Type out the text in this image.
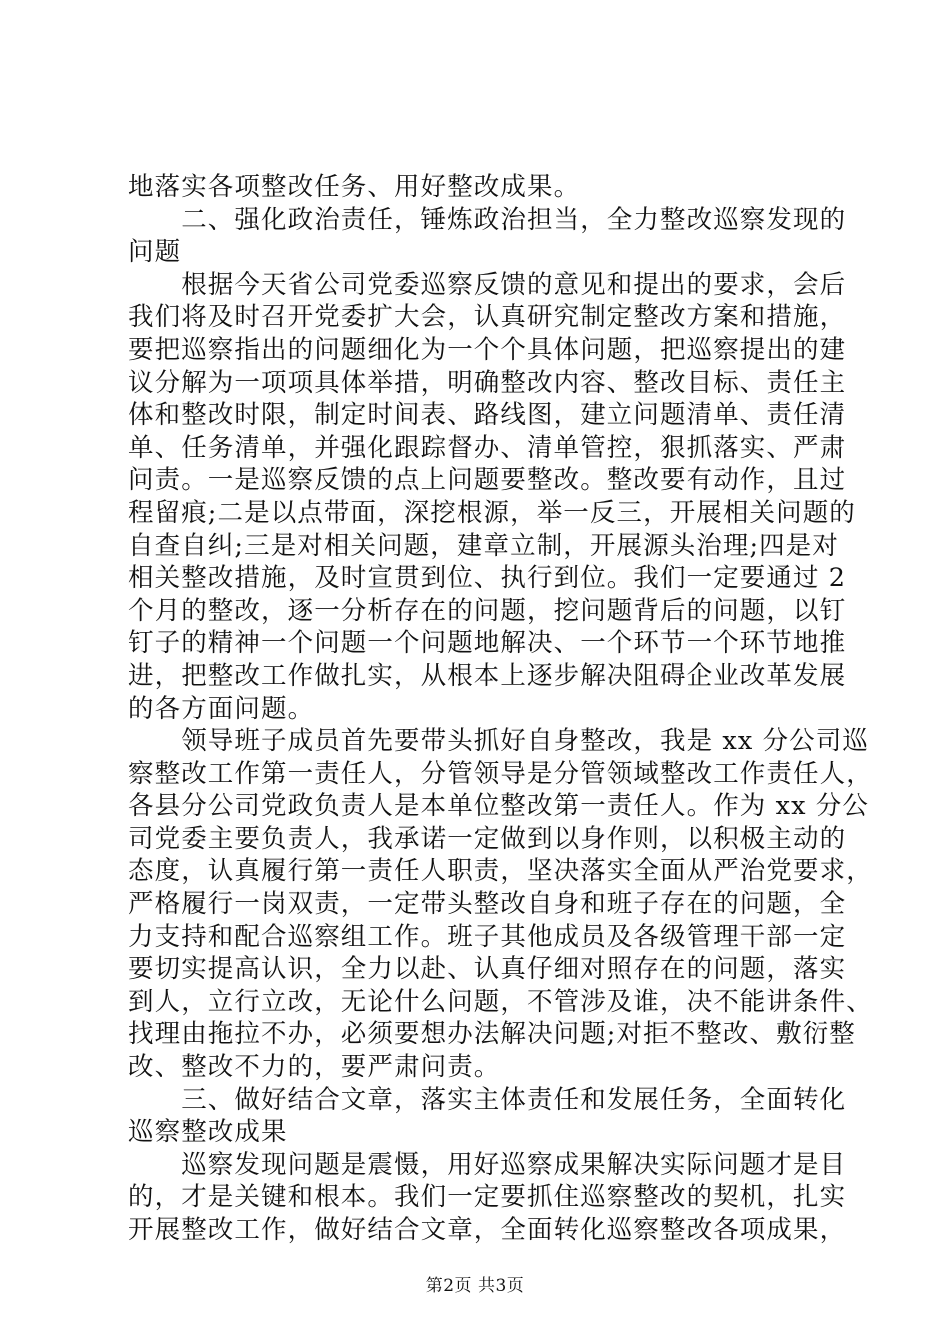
地落实各项整改任务、用好整改成果。
　　二、强化政治责任，锤炼政治担当，全力整改巡察发现的
问题
　　根据今天省公司党委巡察反馈的意见和提出的要求，会后
我们将及时召开党委扩大会，认真研究制定整改方案和措施，
要把巡察指出的问题细化为一个个具体问题，把巡察提出的建
议分解为一项项具体举措，明确整改内容、整改目标、责任主
体和整改时限，制定时间表、路线图，建立问题清单、责任清
单、任务清单，并强化跟踪督办、清单管控，狠抓落实、严肃
问责。一是巡察反馈的点上问题要整改。整改要有动作，且过
程留痕;二是以点带面，深挖根源，举一反三，开展相关问题的
自查自纠;三是对相关问题，建章立制，开展源头治理;四是对
相关整改措施，及时宣贯到位、执行到位。我们一定要通过 2
个月的整改，逐一分析存在的问题，挖问题背后的问题，以钉
钉子的精神一个问题一个问题地解决、一个环节一个环节地推
进，把整改工作做扎实，从根本上逐步解决阻碍企业改革发展
的各方面问题。
　　领导班子成员首先要带头抓好自身整改，我是 xx 分公司巡
察整改工作第一责任人，分管领导是分管领域整改工作责任人，
各县分公司党政负责人是本单位整改第一责任人。作为 xx 分公
司党委主要负责人，我承诺一定做到以身作则，以积极主动的
态度，认真履行第一责任人职责，坚决落实全面从严治党要求，
严格履行一岗双责，一定带头整改自身和班子存在的问题，全
力支持和配合巡察组工作。班子其他成员及各级管理干部一定
要切实提高认识，全力以赴、认真仔细对照存在的问题，落实
到人，立行立改，无论什么问题，不管涉及谁，决不能讲条件、
找理由拖拉不办，必须要想办法解决问题;对拒不整改、敷衍整
改、整改不力的，要严肃问责。
　　三、做好结合文章，落实主体责任和发展任务，全面转化
巡察整改成果
　　巡察发现问题是震慑，用好巡察成果解决实际问题才是目
的，才是关键和根本。我们一定要抓住巡察整改的契机，扎实
开展整改工作，做好结合文章，全面转化巡察整改各项成果，
第2页 共3页
